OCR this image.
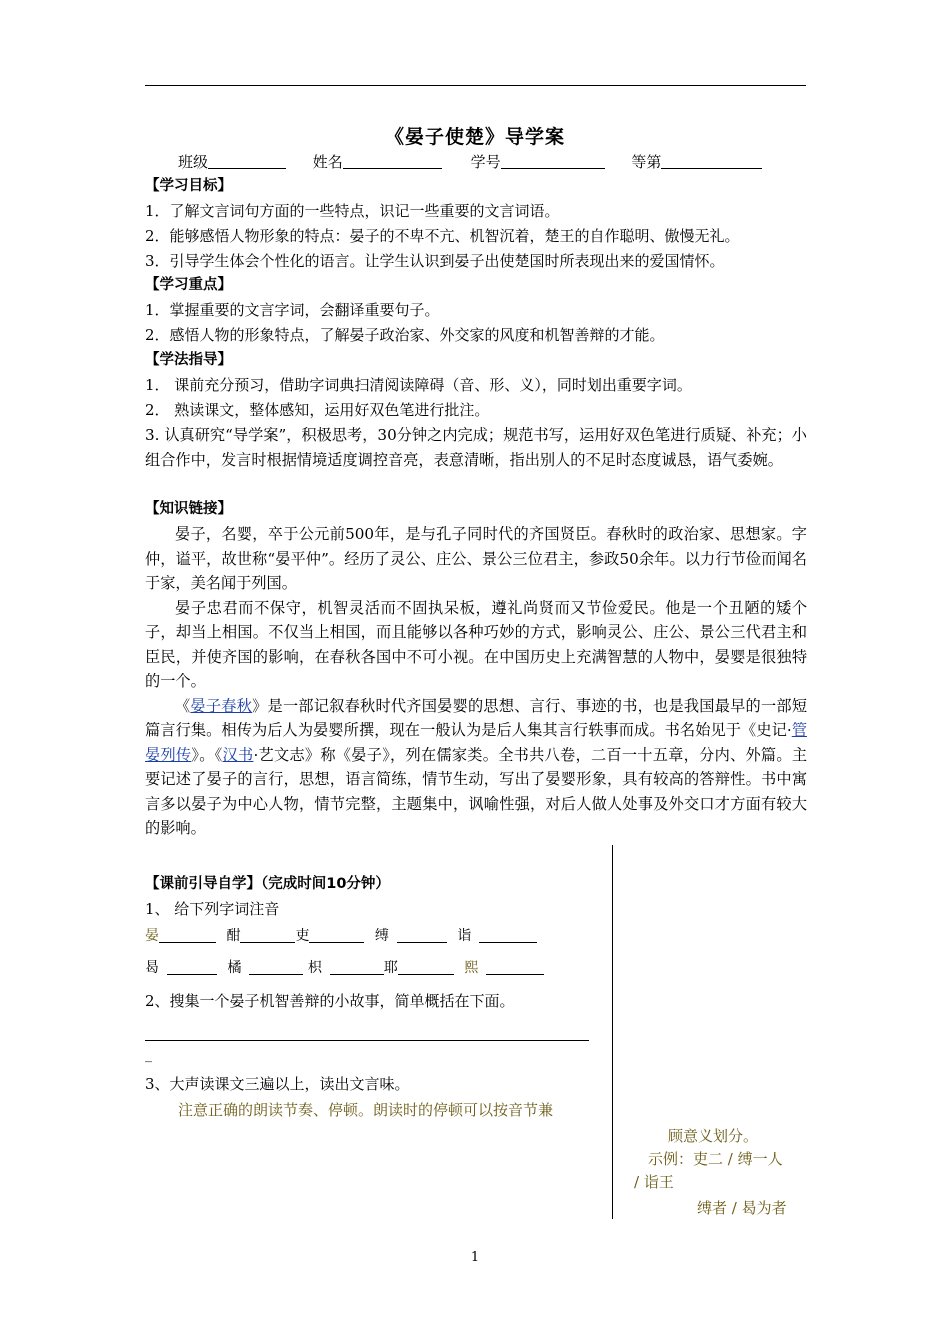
《晏子使楚》导学案
班级	姓名	学号	等第
【学习目标】
1．了解文言词句方面的一些特点，识记一些重要的文言词语。
2．能够感悟人物形象的特点：晏子的不卑不亢、机智沉着，楚王的自作聪明、傲慢无礼。
3．引导学生体会个性化的语言。让学生认识到晏子出使楚国时所表现出来的爱国情怀。
【学习重点】
1．掌握重要的文言字词，会翻译重要句子。
2．感悟人物的形象特点，了解晏子政治家、外交家的风度和机智善辩的才能。
【学法指导】
1． 课前充分预习，借助字词典扫清阅读障碍（音、形、义），同时划出重要字词。
2． 熟读课文，整体感知，运用好双色笔进行批注。

3. 认真研究“导学案”，积极思考，30分钟之内完成；规范书写，运用好双色笔进行质疑、补充；小组合作中，发言时根据情境适度调控音亮，表意清晰，指出别人的不足时态度诚恳，语气委婉。

【知识链接】

晏子，名婴，卒于公元前500年，是与孔子同时代的齐国贤臣。春秋时的政治家、思想家。字仲，谥平，故世称“晏平仲”。经历了灵公、庄公、景公三位君主，参政50余年。以力行节俭而闻名于家，美名闻于列国。

晏子忠君而不保守，机智灵活而不固执呆板，遵礼尚贤而又节俭爱民。他是一个丑陋的矮个子，却当上相国。不仅当上相国，而且能够以各种巧妙的方式，影响灵公、庄公、景公三代君主和臣民，并使齐国的影响，在春秋各国中不可小视。在中国历史上充满智慧的人物中，晏婴是很独特的一个。

《晏子春秋》是一部记叙春秋时代齐国晏婴的思想、言行、事迹的书，也是我国最早的一部短篇言行集。相传为后人为晏婴所撰，现在一般认为是后人集其言行轶事而成。书名始见于《史记·管晏列传》。《汉书·艺文志》称《晏子》，列在儒家类。全书共八卷，二百一十五章，分内、外篇。主要记述了晏子的言行，思想，语言简练，情节生动，写出了晏婴形象，具有较高的答辩性。书中寓言多以晏子为中心人物，情节完整，主题集中，讽喻性强，对后人做人处事及外交口才方面有较大的影响。

【课前引导自学】（完成时间10分钟）
1、 给下列字词注音
晏	酣	吏	缚	诣
曷	橘	枳	耶	熙
2、搜集一个晏子机智善辩的小故事，简单概括在下面。
_
3、大声读课文三遍以上，读出文言味。
注意正确的朗读节奏、停顿。朗读时的停顿可以按音节兼
顾意义划分。
示例：吏二 / 缚一人
/ 诣王
缚者 / 曷为者
1
